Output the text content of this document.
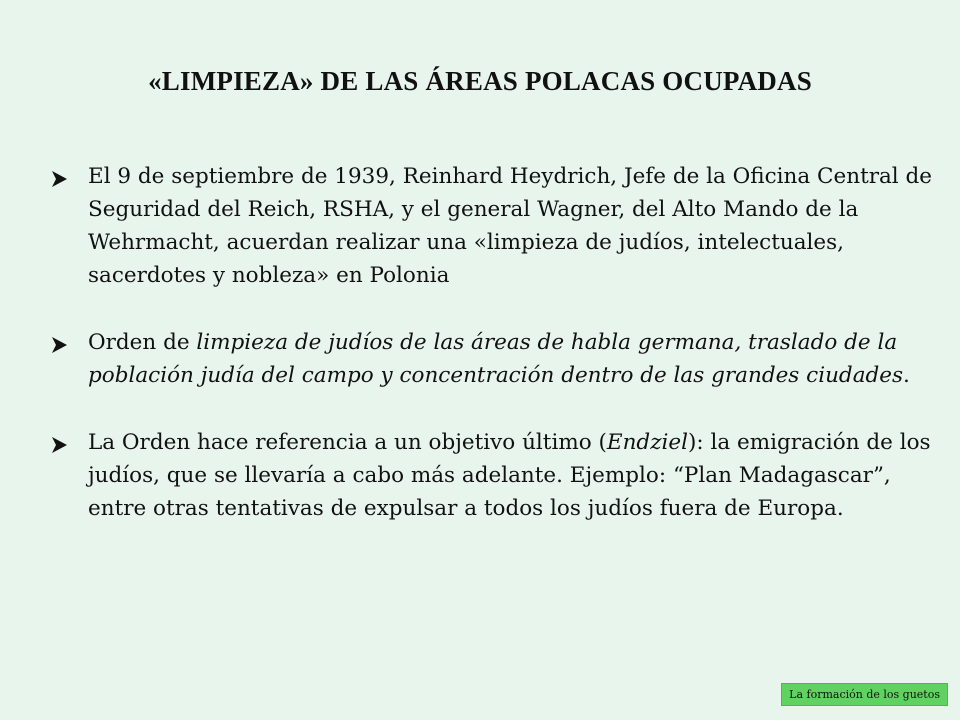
«LIMPIEZA» DE LAS ÁREAS POLACAS OCUPADAS

El 9 de septiembre de 1939, Reinhard Heydrich, Jefe de la Oficina Central de Seguridad del Reich, RSHA, y el general Wagner, del Alto Mando de la Wehrmacht, acuerdan realizar una «limpieza de judíos, intelectuales, sacerdotes y nobleza» en Polonia

Orden de limpieza de judíos de las áreas de habla germana, traslado de la población judía del campo y concentración dentro de las grandes ciudades.

La Orden hace referencia a un objetivo último (Endziel): la emigración de los judíos, que se llevaría a cabo más adelante. Ejemplo: “Plan Madagascar”, entre otras tentativas de expulsar a todos los judíos fuera de Europa.

La formación de los guetos
